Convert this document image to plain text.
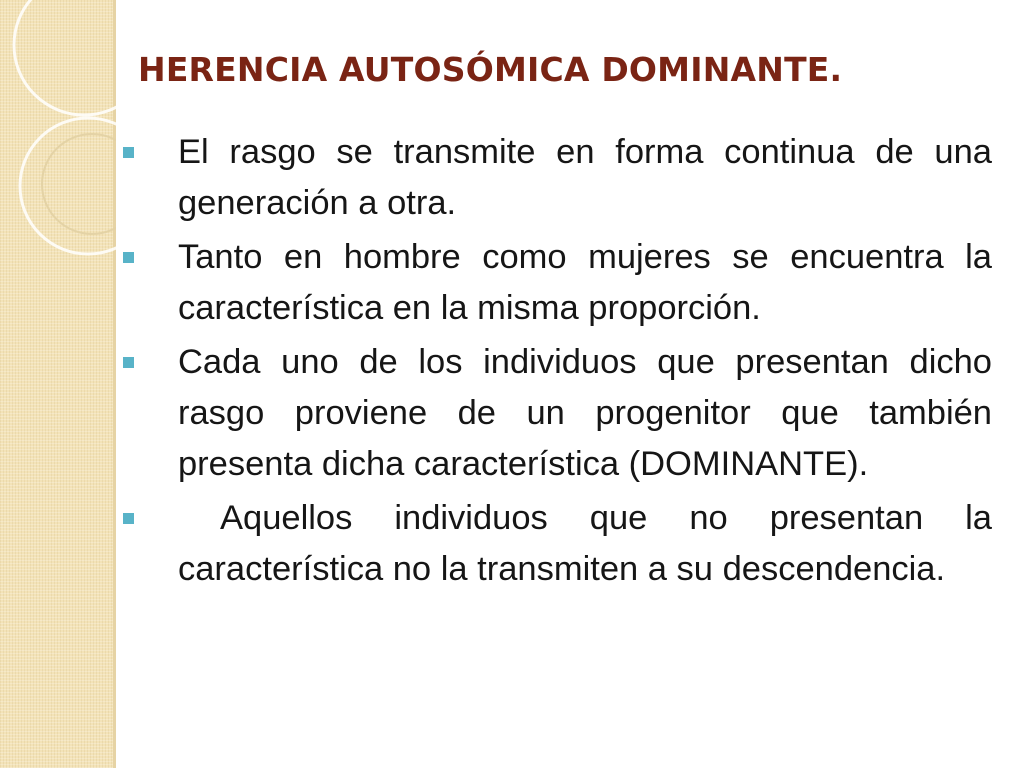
HERENCIA AUTOSÓMICA DOMINANTE.
El rasgo se transmite en forma continua de una generación a otra.
Tanto en hombre como mujeres se encuentra la característica en la misma proporción.
Cada uno de los individuos que presentan dicho rasgo proviene de un progenitor que también presenta dicha característica (DOMINANTE).
Aquellos individuos que no presentan la característica no la transmiten a su descendencia.
